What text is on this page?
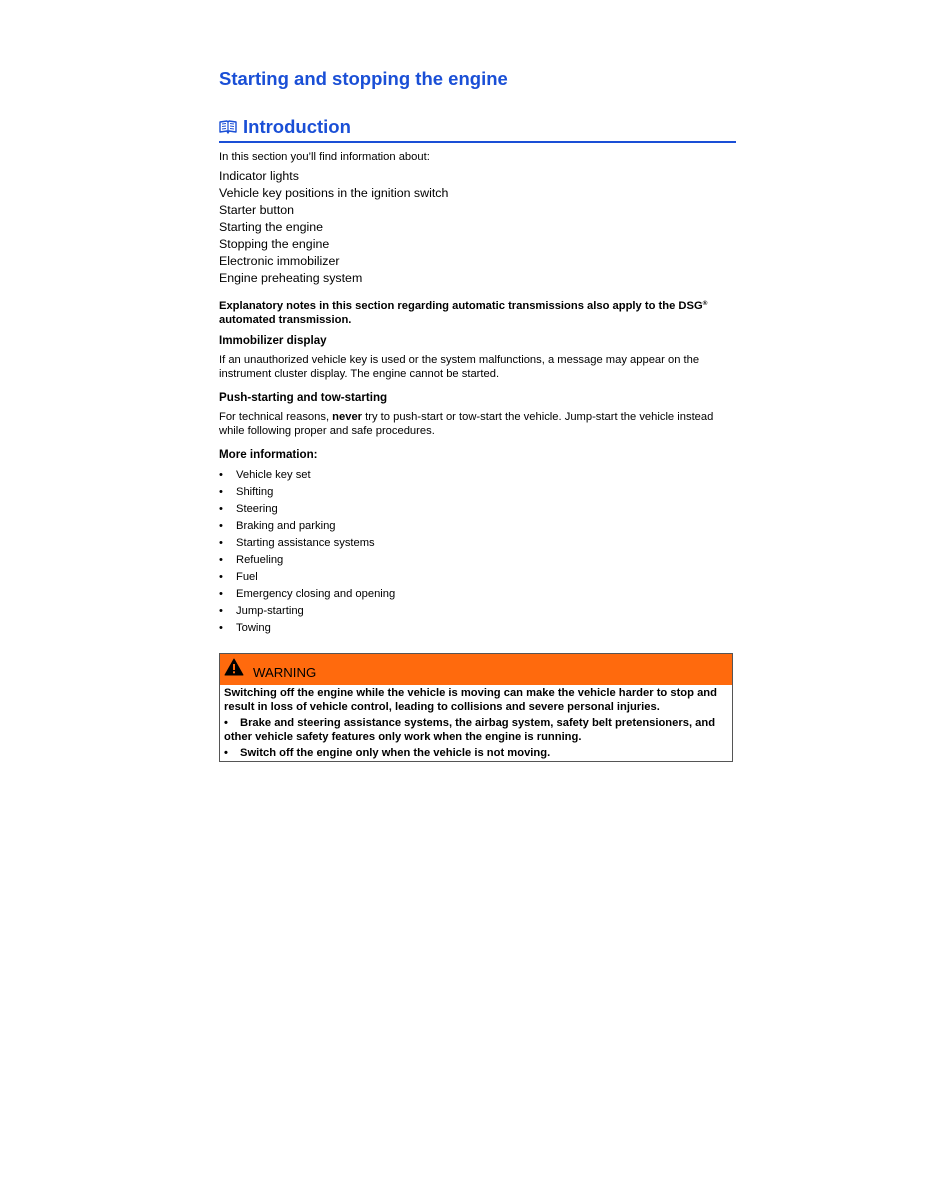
Starting and stopping the engine
Introduction
In this section you’ll find information about:
Indicator lights
Vehicle key positions in the ignition switch
Starter button
Starting the engine
Stopping the engine
Electronic immobilizer
Engine preheating system
Explanatory notes in this section regarding automatic transmissions also apply to the DSG®
automated transmission.
Immobilizer display

If an unauthorized vehicle key is used or the system malfunctions, a message may appear on the instrument cluster display. The engine cannot be started.

Push-starting and tow-starting

For technical reasons, never try to push-start or tow-start the vehicle. Jump-start the vehicle instead while following proper and safe procedures.

More information:
• Vehicle key set
• Shifting
• Steering
• Braking and parking
• Starting assistance systems
• Refueling
• Fuel
• Emergency closing and opening
• Jump-starting
• Towing
WARNING

Switching off the engine while the vehicle is moving can make the vehicle harder to stop and result in loss of vehicle control, leading to collisions and severe personal injuries.

• Brake and steering assistance systems, the airbag system, safety belt pretensioners, and other vehicle safety features only work when the engine is running.

• Switch off the engine only when the vehicle is not moving.
